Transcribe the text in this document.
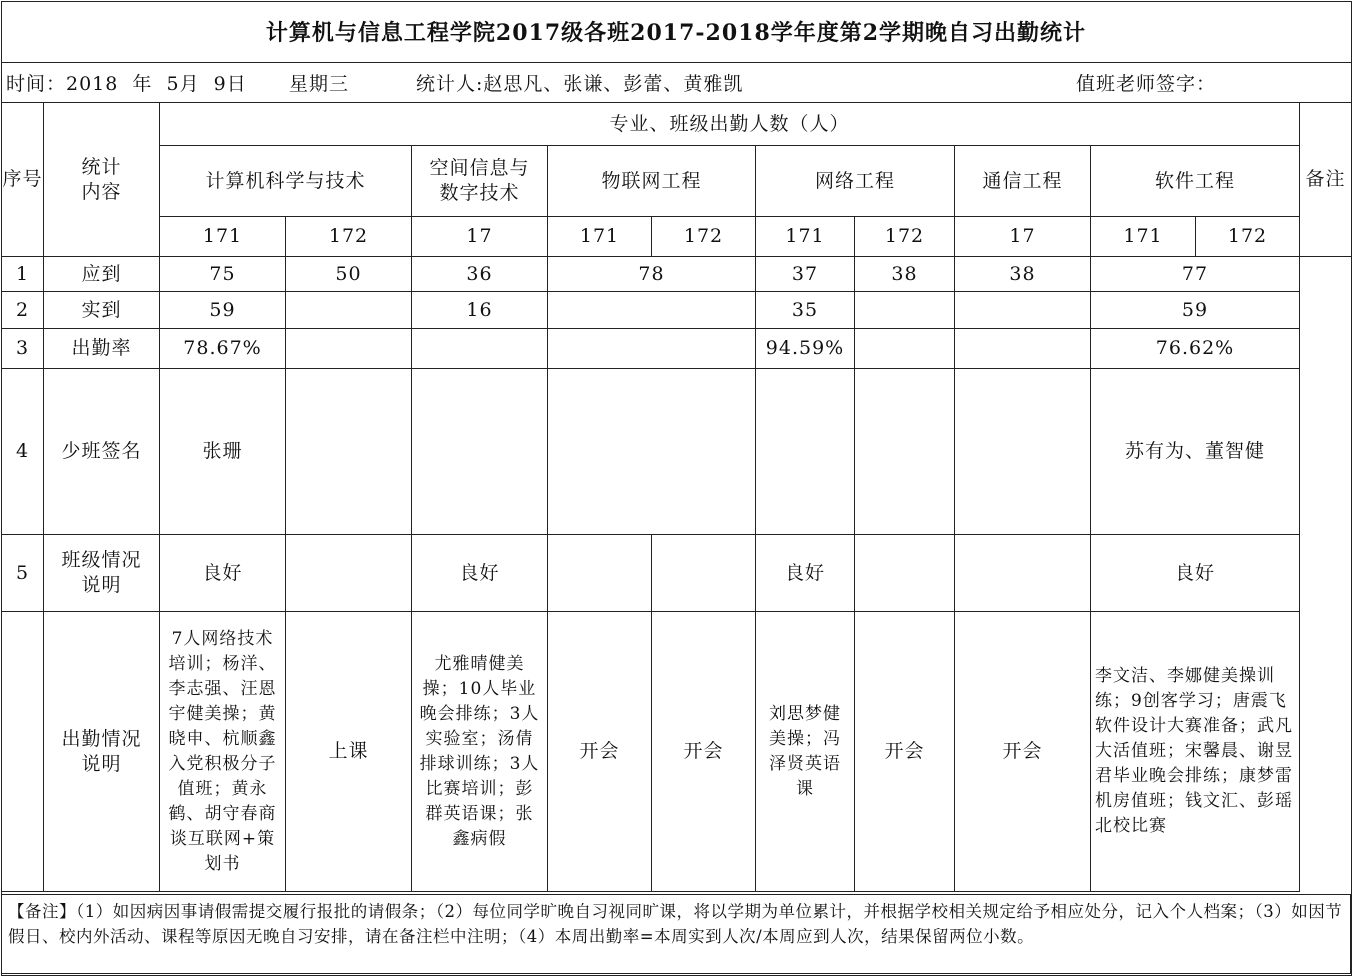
计算机与信息工程学院2017级各班2017-2018学年度第2学期晚自习出勤统计
时间：2018  年  5月  9日      星期三	统计人:赵思凡、张谦、彭蕾、黄雅凯	值班老师签字：
序号	统计内容	专业、班级出勤人数（人）										备注
		计算机科学与技术		空间信息与数字技术	物联网工程		网络工程		通信工程	软件工程		
		171	172	17	171	172	171	172	17	171	172	
1	应到	75	50	36	78		37	38	38	77		
2	实到	59		16			35			59		
3	出勤率	78.67%					94.59%			76.62%		
4	少班签名	张珊								苏有为、董智健		
5	班级情况说明	良好		良好			良好			良好		

	出勤情况说明	7人网络技术培训；杨洋、李志强、汪恩宇健美操；黄晓申、杭顺鑫入党积极分子值班；黄永鹤、胡守春商谈互联网+策划书	上课	尤雅晴健美操；10人毕业晚会排练；3人实验室；汤倩排球训练；3人比赛培训；彭群英语课；张鑫病假	开会	开会	刘思梦健美操；冯泽贤英语课	开会	开会	李文洁、李娜健美操训练；9创客学习；唐震飞软件设计大赛准备；武凡大活值班；宋馨晨、谢昱君毕业晚会排练；康梦雷机房值班；钱文汇、彭瑶北校比赛		
【备注】（1）如因病因事请假需提交履行报批的请假条；（2）每位同学旷晚自习视同旷课，将以学期为单位累计，并根据学校相关规定给予相应处分，记入个人档案；（3）如因节假日、校内外活动、课程等原因无晚自习安排，请在备注栏中注明；（4）本周出勤率=本周实到人次/本周应到人次，结果保留两位小数。
